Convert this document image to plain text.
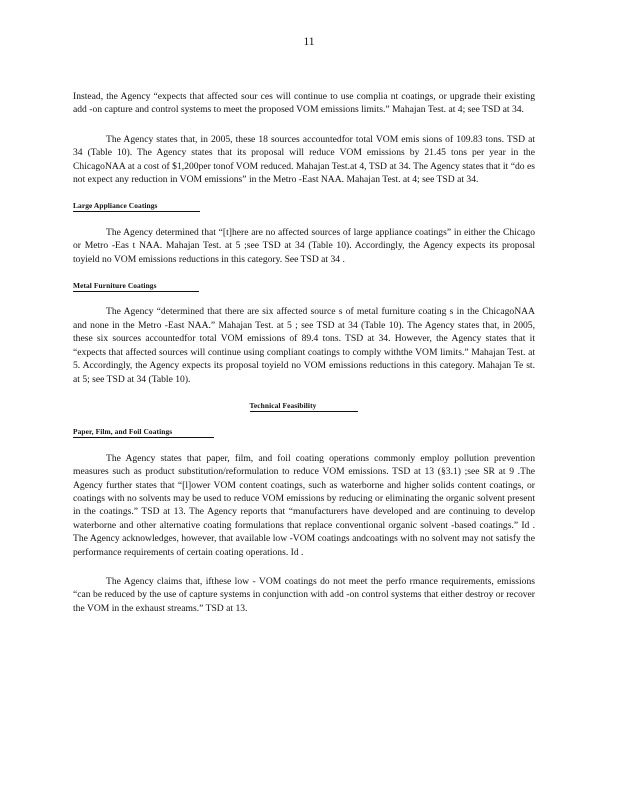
11

Instead, the Agency “expects that affected sour ces will continue to use complia nt coatings, or upgrade their existing add -on capture and control systems to meet the proposed VOM emissions limits.” Mahajan Test. at 4; see TSD at 34.

The Agency states that, in 2005, these 18 sources accountedfor total VOM emis sions of 109.83 tons. TSD at 34 (Table 10). The Agency states that its proposal will reduce VOM emissions by 21.45 tons per year in the ChicagoNAA at a cost of $1,200per tonof VOM reduced. Mahajan Test.at 4, TSD at 34. The Agency states that it “do es not expect any reduction in VOM emissions” in the Metro -East NAA. Mahajan Test. at 4; see TSD at 34.

Large Appliance Coatings

The Agency determined that “[t]here are no affected sources of large appliance coatings” in either the Chicago or Metro -Eas t NAA. Mahajan Test. at 5 ;see TSD at 34 (Table 10). Accordingly, the Agency expects its proposal toyield no VOM emissions reductions in this category. See TSD at 34 .

Metal Furniture Coatings

The Agency “determined that there are six affected source s of metal furniture coating s in the ChicagoNAA and none in the Metro -East NAA.” Mahajan Test. at 5 ; see TSD at 34 (Table 10). The Agency states that, in 2005, these six sources accountedfor total VOM emissions of 89.4 tons. TSD at 34. However, the Agency states that it “expects that affected sources will continue using compliant coatings to comply withthe VOM limits.” Mahajan Test. at 5. Accordingly, the Agency expects its proposal toyield no VOM emissions reductions in this category. Mahajan Te st. at 5; see TSD at 34 (Table 10).

Technical Feasibility
Paper, Film, and Foil Coatings

The Agency states that paper, film, and foil coating operations commonly employ pollution prevention measures such as product substitution/reformulation to reduce VOM emissions. TSD at 13 (§3.1) ;see SR at 9 .The Agency further states that “[l]ower VOM content coatings, such as waterborne and higher solids content coatings, or coatings with no solvents may be used to reduce VOM emissions by reducing or eliminating the organic solvent present in the coatings.” TSD at 13. The Agency reports that “manufacturers have developed and are continuing to develop waterborne and other alternative coating formulations that replace conventional organic solvent -based coatings.” Id . The Agency acknowledges, however, that available low -VOM coatings andcoatings with no solvent may not satisfy the performance requirements of certain coating operations. Id .

The Agency claims that, ifthese low - VOM coatings do not meet the perfo rmance requirements, emissions “can be reduced by the use of capture systems in conjunction with add -on control systems that either destroy or recover the VOM in the exhaust streams.” TSD at 13.
